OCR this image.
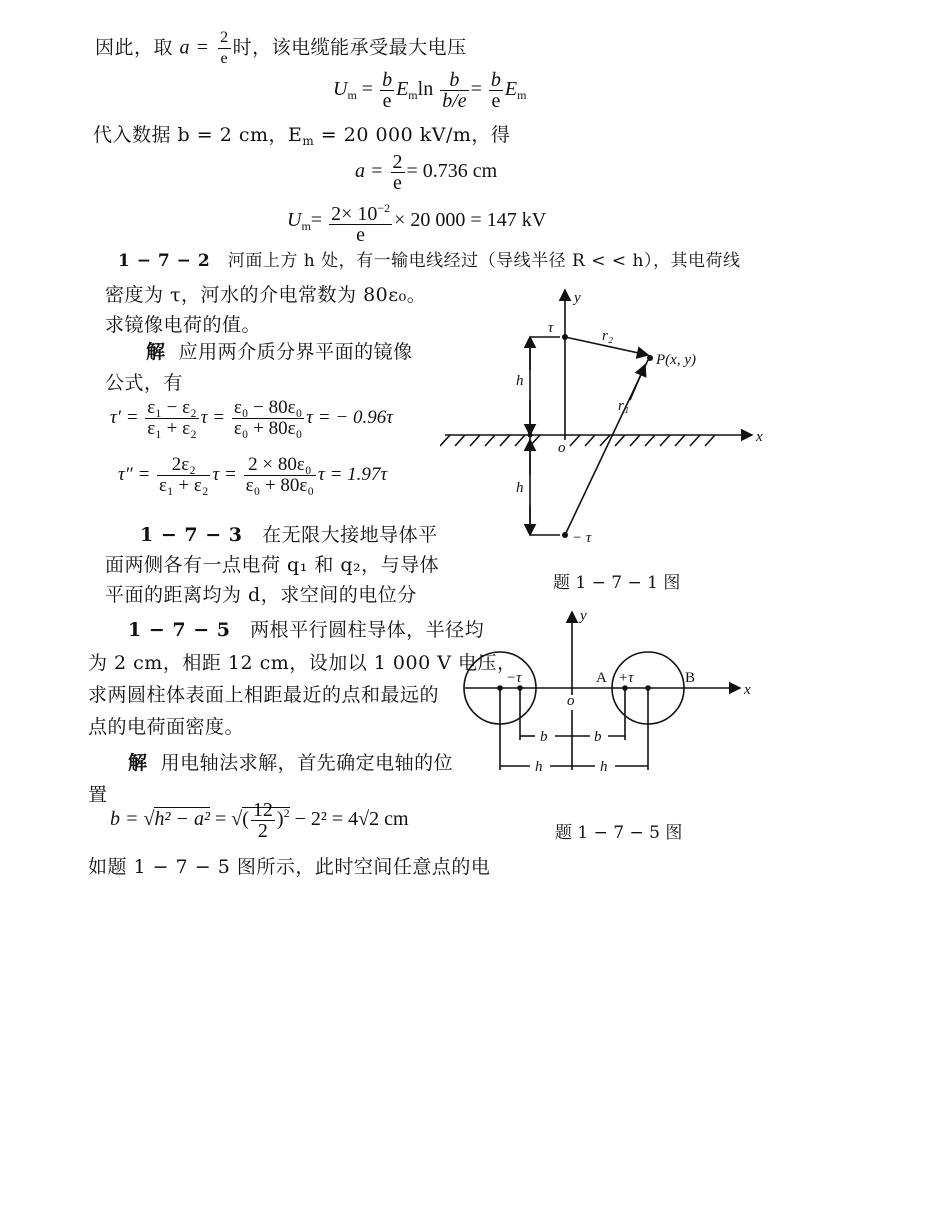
因此，取 $a = \frac{2}{e}$ 时，该电缆能承受最大电压
$U_m = \frac{b}{e} E_m\ln \frac{b}{b/e} = \frac{b}{e} E_m$
代入数据 b = 2 cm，$E_m = 20$ 000 kV/m，得
$a = \frac{2}{e} = 0.736$ cm
$U_m= \frac{2\times 10^{-2}}{e} \times 20$ 000 = 147 kV
1 − 7 − 2 河面上方 h 处，有一输电线经过（导线半径 R < < h），其电荷线
密度为 τ，河水的介电常数为 80ε₀。
求镜像电荷的值。
解 应用两介质分界平面的镜像
公式，有
$\tau' = \frac{\text{ε₁ − ε₂}}{\text{ε₁ + ε₂}}$ $\tau = \frac{\text{ε₀ − 80ε₀}}{\text{ε₀ + 80ε₀}}$ τ = − 0.96τ
$\tau'' = \frac{\text{2ε₂}}{\text{ε₁ + ε₂}}$ $\tau = \frac{\text{2 × 80ε₀}}{\text{ε₀ + 80ε₀}}$ τ = 1.97τ
1 − 7 − 3 在无限大接地导体平
面两侧各有一点电荷 q₁ 和 q₂，与导体
平面的距离均为 d，求空间的电位分
1 − 7 − 5 两根平行圆柱导体，半径均
为 2 cm，相距 12 cm，设加以 1 000 V 电压，
求两圆柱体表面上相距最近的点和最远的
点的电荷面密度。
解 用电轴法求解，首先确定电轴的位
置
b = √h² − a² = √( $\frac{12}{2} )^2 - 2^2 = 4√2$ cm
如题 1 − 7 − 5 图所示，此时空间任意点的电
y
x
o
τ
− τ
r₂
r₁
P(x, y)
h
h
题 1 − 7 − 1 图
y
x
o
−τ	+τ
A	B
b	b
h	h
题 1 − 7 − 5 图
